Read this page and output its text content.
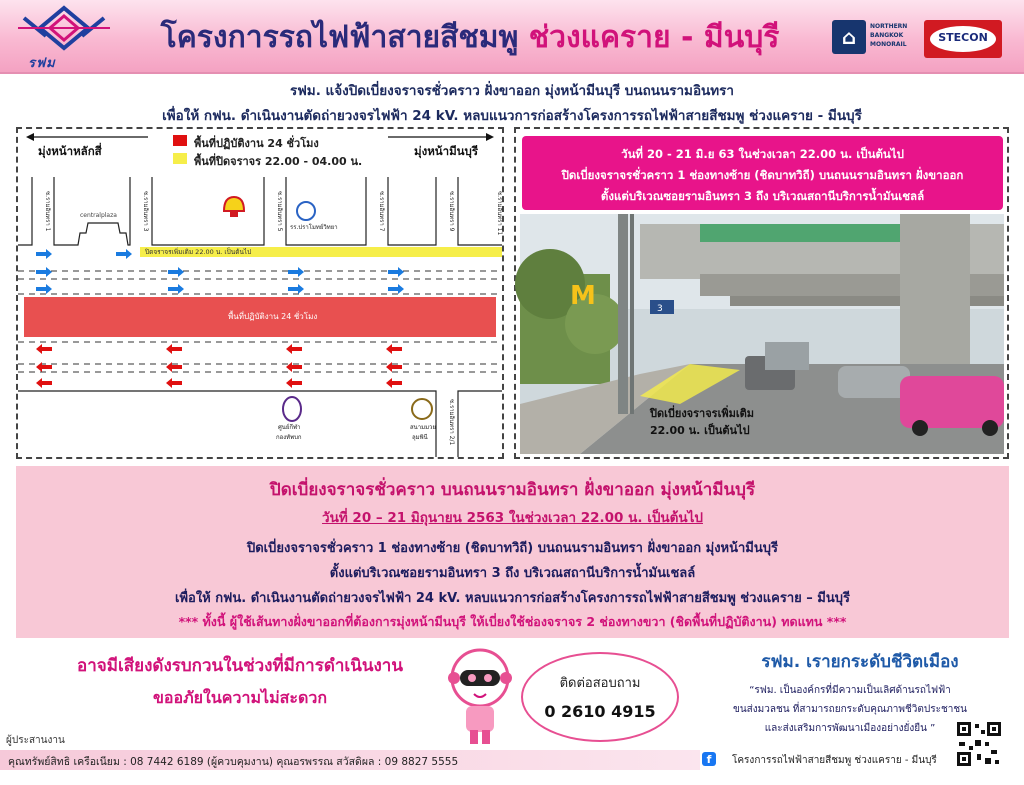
รฟม
โครงการรถไฟฟ้าสายสีชมพู ช่วงแคราย - มีนบุรี	⌂	NORTHERN
BANGKOK
MONORAIL
STECON
รฟม. แจ้งปิดเบี่ยงจราจรชั่วคราว ฝั่งขาออก มุ่งหน้ามีนบุรี บนถนนรามอินทรา
เพื่อให้ กฟน. ดำเนินงานตัดถ่ายวงจรไฟฟ้า 24 kV. หลบแนวการก่อสร้างโครงการรถไฟฟ้าสายสีชมพู ช่วงแคราย - มีนบุรี
ซ.รามอินทรา 1	ซ.รามอินทรา 3	ซ.รามอินทรา 5	ซ.รามอินทรา 7	ซ.รามอินทรา 9	ซ.รามอินทรา 11
ซ.รามอินทรา 2/1
centralplaza
รร.ปราโมทย์วิทยา
ศูนย์กีฬา
กองทัพบก
สนามมวย
ลุมพินี
มุ่งหน้าหลักสี่	มุ่งหน้ามีนบุรี
พื้นที่ปฏิบัติงาน 24 ชั่วโมง
พื้นที่ปิดจราจร 22.00 - 04.00 น.
ปิดจราจรเพิ่มเติม 22.00 น. เป็นต้นไป
พื้นที่ปฏิบัติงาน 24 ชั่วโมง
วันที่ 20 - 21 มิ.ย 63 ในช่วงเวลา 22.00 น. เป็นต้นไป
ปิดเบี่ยงจราจรชั่วคราว 1 ช่องทางซ้าย (ชิดบาทวิถี) บนถนนรามอินทรา ฝั่งขาออก
ตั้งแต่บริเวณซอยรามอินทรา 3 ถึง บริเวณสถานีบริการน้ำมันเชลล์
M	3
ปิดเบี่ยงจราจรเพิ่มเติม
22.00 น. เป็นต้นไป
ปิดเบี่ยงจราจรชั่วคราว บนถนนรามอินทรา ฝั่งขาออก มุ่งหน้ามีนบุรี
วันที่ 20 – 21 มิถุนายน 2563 ในช่วงเวลา 22.00 น. เป็นต้นไป
ปิดเบี่ยงจราจรชั่วคราว 1 ช่องทางซ้าย (ชิดบาทวิถี) บนถนนรามอินทรา ฝั่งขาออก มุ่งหน้ามีนบุรี
ตั้งแต่บริเวณซอยรามอินทรา 3 ถึง บริเวณสถานีบริการน้ำมันเชลล์
เพื่อให้ กฟน. ดำเนินงานตัดถ่ายวงจรไฟฟ้า 24 kV. หลบแนวการก่อสร้างโครงการรถไฟฟ้าสายสีชมพู ช่วงแคราย – มีนบุรี
*** ทั้งนี้ ผู้ใช้เส้นทางฝั่งขาออกที่ต้องการมุ่งหน้ามีนบุรี ให้เบี่ยงใช้ช่องจราจร 2 ช่องทางขวา (ชิดพื้นที่ปฏิบัติงาน) ทดแทน ***
อาจมีเสียงดังรบกวนในช่วงที่มีการดำเนินงาน
ขออภัยในความไม่สะดวก
ติดต่อสอบถาม
0 2610 4915
รฟม. เรายกระดับชีวิตเมือง
“รฟม. เป็นองค์กรที่มีความเป็นเลิศด้านรถไฟฟ้า
ขนส่งมวลชน ที่สามารถยกระดับคุณภาพชีวิตประชาชน
และส่งเสริมการพัฒนาเมืองอย่างยั่งยืน ”
ผู้ประสานงาน
คุณทรัพย์สิทธิ เครือเนียม : 08 7442 6189 (ผู้ควบคุมงาน) คุณอรพรรณ สวัสดิผล : 09 8827 5555	f	โครงการรถไฟฟ้าสายสีชมพู ช่วงแคราย - มีนบุรี
